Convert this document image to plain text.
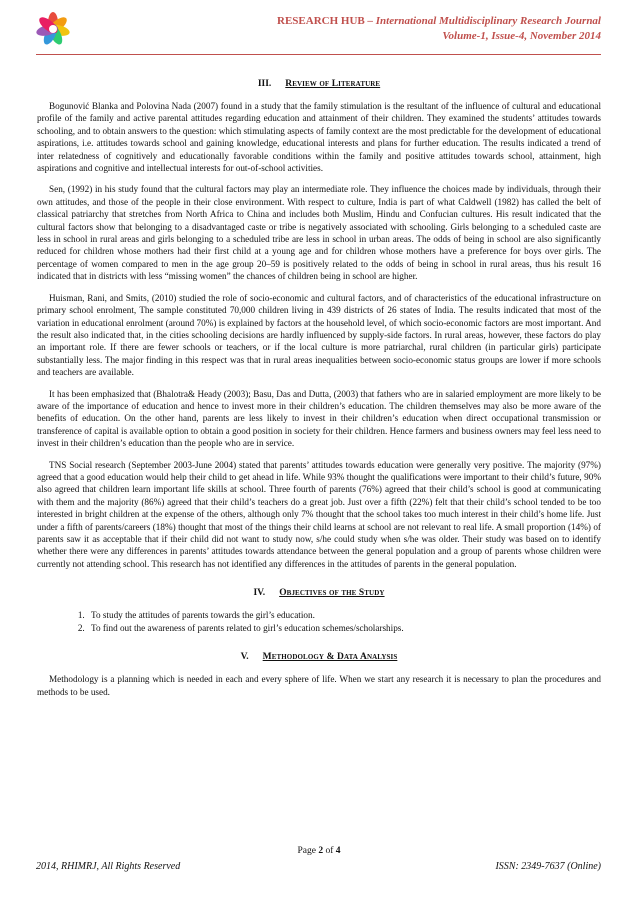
RESEARCH HUB – International Multidisciplinary Research Journal
Volume-1, Issue-4, November 2014
III. Review of Literature

Bogunović Blanka and Polovina Nada (2007) found in a study that the family stimulation is the resultant of the influence of cultural and educational profile of the family and active parental attitudes regarding education and attainment of their children. They examined the students’ attitudes towards schooling, and to obtain answers to the question: which stimulating aspects of family context are the most predictable for the development of educational aspirations, i.e. attitudes towards school and gaining knowledge, educational interests and plans for further education. The results indicated a trend of inter relatedness of cognitively and educationally favorable conditions within the family and positive attitudes towards school, attainment, high aspirations and cognitive and intellectual interests for out-of-school activities.

Sen, (1992) in his study found that the cultural factors may play an intermediate role. They influence the choices made by individuals, through their own attitudes, and those of the people in their close environment. With respect to culture, India is part of what Caldwell (1982) has called the belt of classical patriarchy that stretches from North Africa to China and includes both Muslim, Hindu and Confucian cultures. His result indicated that the cultural factors show that belonging to a disadvantaged caste or tribe is negatively associated with schooling. Girls belonging to a scheduled caste are less in school in rural areas and girls belonging to a scheduled tribe are less in school in urban areas. The odds of being in school are also significantly reduced for children whose mothers had their first child at a young age and for children whose mothers have a preference for boys over girls. The percentage of women compared to men in the age group 20–59 is positively related to the odds of being in school in rural areas, thus his result 16 indicated that in districts with less “missing women” the chances of children being in school are higher.

Huisman, Rani, and Smits, (2010) studied the role of socio-economic and cultural factors, and of characteristics of the educational infrastructure on primary school enrolment, The sample constituted 70,000 children living in 439 districts of 26 states of India. The results indicated that most of the variation in educational enrolment (around 70%) is explained by factors at the household level, of which socio-economic factors are most important. And the result also indicated that, in the cities schooling decisions are hardly influenced by supply-side factors. In rural areas, however, these factors do play an important role. If there are fewer schools or teachers, or if the local culture is more patriarchal, rural children (in particular girls) participate substantially less. The major finding in this respect was that in rural areas inequalities between socio-economic status groups are lower if more schools and teachers are available.

It has been emphasized that (Bhalotra& Heady (2003); Basu, Das and Dutta, (2003) that fathers who are in salaried employment are more likely to be aware of the importance of education and hence to invest more in their children’s education. The children themselves may also be more aware of the benefits of education. On the other hand, parents are less likely to invest in their children’s education when direct occupational transmission or transference of capital is available option to obtain a good position in society for their children. Hence farmers and business owners may feel less need to invest in their children’s education than the people who are in service.

TNS Social research (September 2003-June 2004) stated that parents’ attitudes towards education were generally very positive. The majority (97%) agreed that a good education would help their child to get ahead in life. While 93% thought the qualifications were important to their child’s future, 90% also agreed that children learn important life skills at school. Three fourth of parents (76%) agreed that their child’s school is good at communicating with them and the majority (86%) agreed that their child’s teachers do a great job. Just over a fifth (22%) felt that their child’s school tended to be too interested in bright children at the expense of the others, although only 7% thought that the school takes too much interest in their child’s home life. Just under a fifth of parents/careers (18%) thought that most of the things their child learns at school are not relevant to real life. A small proportion (14%) of parents saw it as acceptable that if their child did not want to study now, s/he could study when s/he was older. Their study was based on to identify whether there were any differences in parents’ attitudes towards attendance between the general population and a group of parents whose children were currently not attending school. This research has not identified any differences in the attitudes of parents in the general population.

IV. Objectives of the Study
1. To study the attitudes of parents towards the girl’s education.
2. To find out the awareness of parents related to girl’s education schemes/scholarships.
V. Methodology & Data Analysis

Methodology is a planning which is needed in each and every sphere of life. When we start any research it is necessary to plan the procedures and methods to be used.

Page 2 of 4
2014, RHIMRJ, All Rights Reserved	ISSN: 2349-7637 (Online)
